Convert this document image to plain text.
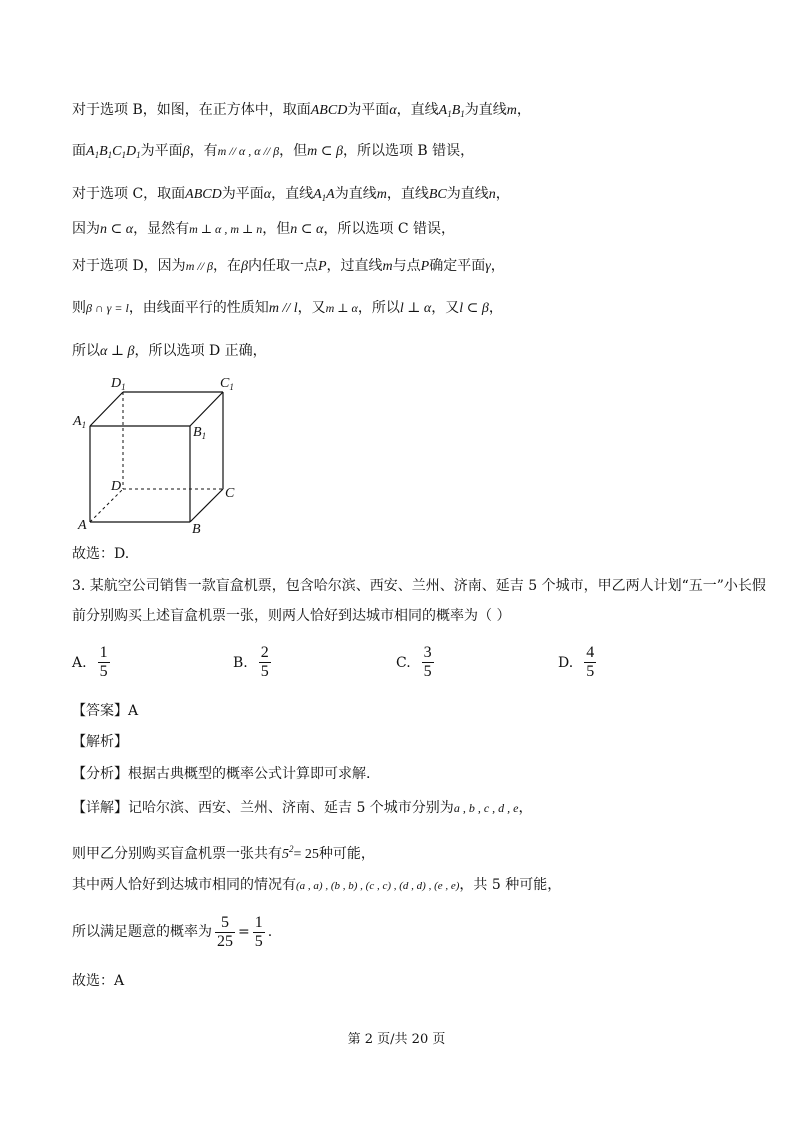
对于选项 B，如图，在正方体中，取面ABCD为平面α，直线$A_1B_1$为直线m，
面$A_1B_1C_1D_1$为平面β，有m // α , α // β，但m ⊂ β，所以选项 B 错误，
对于选项 C，取面ABCD为平面α，直线$A_1A$为直线m，直线BC为直线n，
因为n ⊂ α，显然有m ⊥ α , m ⊥ n，但n ⊂ α，所以选项 C 错误，
对于选项 D，因为m // β，在β内任取一点P，过直线m与点P确定平面γ，
则β ∩ γ = l，由线面平行的性质知m // l，又m ⊥ α，所以l ⊥ α，又l ⊂ β，
所以α ⊥ β，所以选项 D 正确，
$D_1$	$C_1$
$A_1$	$B_1$
D	C
A	B
故选：D.
3. 某航空公司销售一款盲盒机票，包含哈尔滨、西安、兰州、济南、延吉 5 个城市，甲乙两人计划“五一”小长假
前分别购买上述盲盒机票一张，则两人恰好到达城市相同的概率为（ ）
A. $\frac{1}{5}$	B. $\frac{2}{5}$	C. $\frac{3}{5}$	D. $\frac{4}{5}$
【答案】A
【解析】
【分析】根据古典概型的概率公式计算即可求解.
【详解】记哈尔滨、西安、兰州、济南、延吉 5 个城市分别为a , b , c , d , e，
则甲乙分别购买盲盒机票一张共有$5^2= 25$种可能，
其中两人恰好到达城市相同的情况有(a , a) , (b , b) , (c , c) , (d , d) , (e , e)，共 5 种可能，
所以满足题意的概率为 $\frac{5}{25} = \frac{1}{5}$ .
故选：A
第 2 页/共 20 页
